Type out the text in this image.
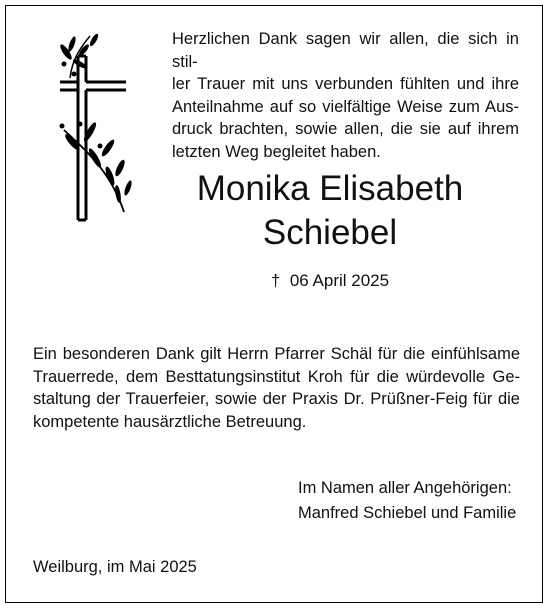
Herzlichen Dank sagen wir allen, die sich in stil-
ler Trauer mit uns verbunden fühlten und ihre
Anteilnahme auf so vielfältige Weise zum Aus-
druck brachten, sowie allen, die sie auf ihrem
letzten Weg begleitet haben.
Monika Elisabeth
Schiebel
† 06 April 2025
Ein besonderen Dank gilt Herrn Pfarrer Schäl für die einfühlsame
Trauerrede, dem Besttatungsinstitut Kroh für die würdevolle Ge-
staltung der Trauerfeier, sowie der Praxis Dr. Prüßner-Feig für die
kompetente hausärztliche Betreuung.
Im Namen aller Angehörigen:
Manfred Schiebel und Familie
Weilburg, im Mai 2025
